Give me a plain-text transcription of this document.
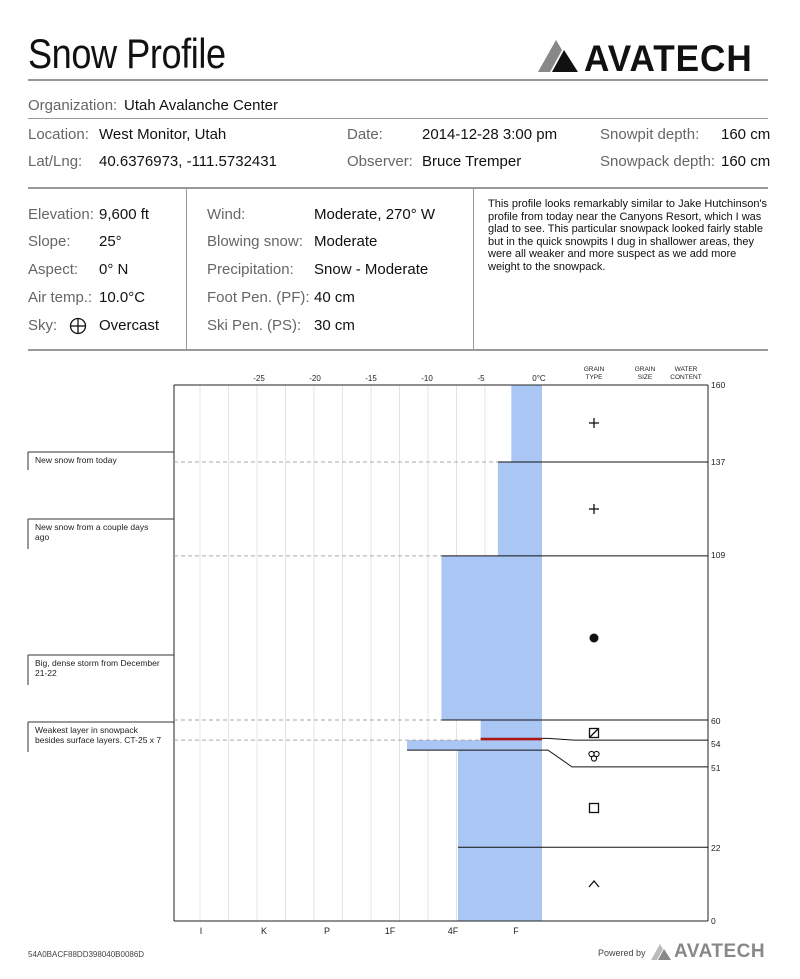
Snow Profile	AVATECH
Organization: Utah Avalanche Center
Location: West Monitor, Utah	Date:	2014-12-28 3:00 pm	Snowpit depth: 160 cm
Lat/Lng: 40.6376973, -111.5732431	Observer: Bruce Tremper	Snowpack depth: 160 cm
Elevation: 9,600 ft
Slope: 25°
Aspect: 0° N
Air temp.: 10.0°C
Sky:	Overcast
Wind:	Moderate, 270° W
Blowing snow: Moderate
Precipitation: Snow - Moderate
Foot Pen. (PF): 40 cm
Ski Pen. (PS): 30 cm
This profile looks remarkably similar to Jake Hutchinson's profile from today near the Canyons Resort, which I was glad to see. This particular snowpack looked fairly stable but in the quick snowpits I dug in shallower areas, they were all weaker and more suspect as we add more weight to the snowpack.
-25	-20	-15	-10	-5	0°C
I	K	P	1F	4F	F
GRAIN
TYPE
GRAIN
SIZE
WATER
CONTENT
160
137
109
60
54
51
22
0
New snow from today
New snow from a couple days
ago
Big, dense storm from December
21-22
Weakest layer in snowpack
besides surface layers. CT-25 x 7
54A0BACF88DD398040B0086D	Powered by AVATECH
